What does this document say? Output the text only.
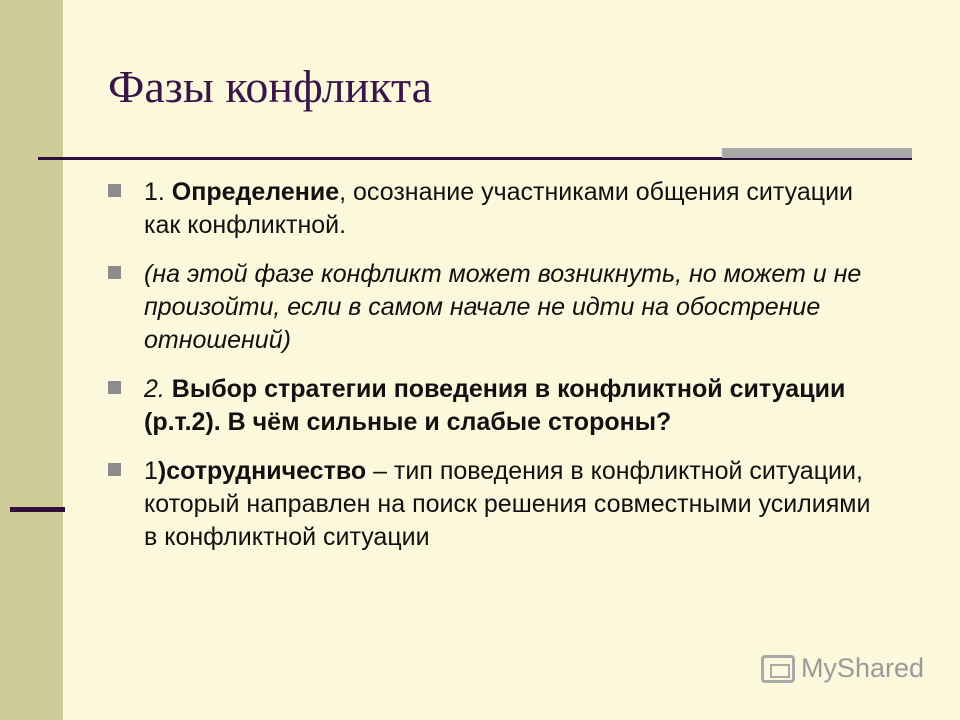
Фазы конфликта
1. Определение, осознание участниками общения ситуации как конфликтной.
(на этой фазе конфликт может возникнуть, но может и не произойти, если в самом начале не идти на обострение отношений)
2. Выбор стратегии поведения в конфликтной ситуации (р.т.2). В чём сильные и слабые стороны?
1)сотрудничество – тип поведения в конфликтной ситуации, который направлен на поиск решения совместными усилиями в конфликтной ситуации
MyShared
